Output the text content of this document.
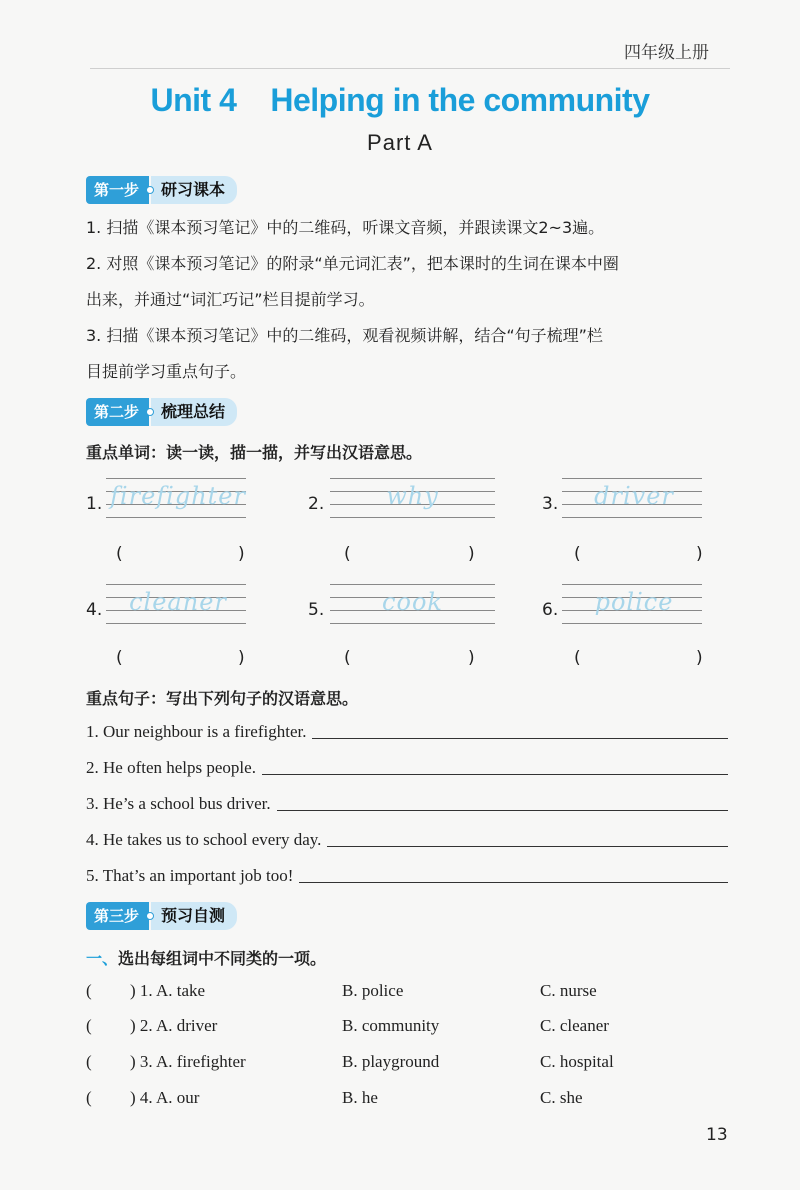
四年级上册
Unit 4 Helping in the community
Part A
第一步	研习课本
1. 扫描《课本预习笔记》中的二维码，听课文音频，并跟读课文2~3遍。
2. 对照《课本预习笔记》的附录“单元词汇表”，把本课时的生词在课本中圈
出来，并通过“词汇巧记”栏目提前学习。
3. 扫描《课本预习笔记》中的二维码，观看视频讲解，结合“句子梳理”栏
目提前学习重点句子。
第二步	梳理总结
重点单词：读一读，描一描，并写出汉语意思。
1. firefighter	2.	why	3.	driver
(	)	(	)	(	)
4.	cleaner	5.	cook	6.	police
(	)	(	)	(	)
重点句子：写出下列句子的汉语意思。
1. Our neighbour is a firefighter.
2. He often helps people.
3. He’s a school bus driver.
4. He takes us to school every day.
5. That’s an important job too!
第三步	预习自测
一、选出每组词中不同类的一项。
( ) 1. A. take	B. police	C. nurse
( ) 2. A. driver	B. community	C. cleaner
( ) 3. A. firefighter	B. playground	C. hospital
( ) 4. A. our	B. he	C. she
13
